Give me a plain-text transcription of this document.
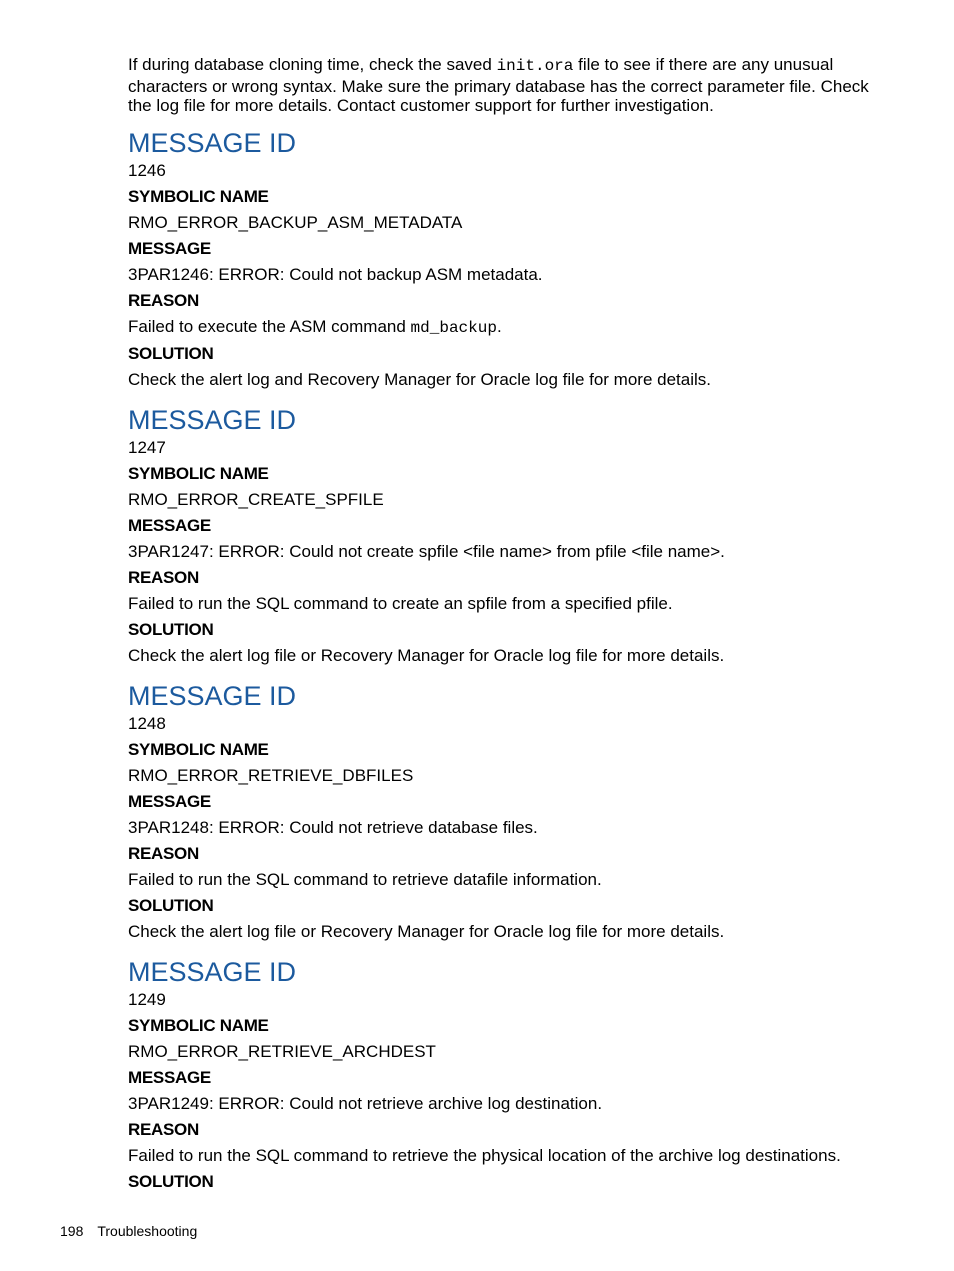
If during database cloning time, check the saved init.ora file to see if there are any unusual characters or wrong syntax. Make sure the primary database has the correct parameter file. Check the log file for more details. Contact customer support for further investigation.

MESSAGE ID

1246

SYMBOLIC NAME

RMO_ERROR_BACKUP_ASM_METADATA

MESSAGE

3PAR1246: ERROR: Could not backup ASM metadata.

REASON

Failed to execute the ASM command md_backup.

SOLUTION

Check the alert log and Recovery Manager for Oracle log file for more details.

MESSAGE ID

1247

SYMBOLIC NAME

RMO_ERROR_CREATE_SPFILE

MESSAGE

3PAR1247: ERROR: Could not create spfile <file name> from pfile <file name>.

REASON

Failed to run the SQL command to create an spfile from a specified pfile.

SOLUTION

Check the alert log file or Recovery Manager for Oracle log file for more details.

MESSAGE ID

1248

SYMBOLIC NAME

RMO_ERROR_RETRIEVE_DBFILES

MESSAGE

3PAR1248: ERROR: Could not retrieve database files.

REASON

Failed to run the SQL command to retrieve datafile information.

SOLUTION

Check the alert log file or Recovery Manager for Oracle log file for more details.

MESSAGE ID

1249

SYMBOLIC NAME

RMO_ERROR_RETRIEVE_ARCHDEST

MESSAGE

3PAR1249: ERROR: Could not retrieve archive log destination.

REASON

Failed to run the SQL command to retrieve the physical location of the archive log destinations.

SOLUTION

198 Troubleshooting
